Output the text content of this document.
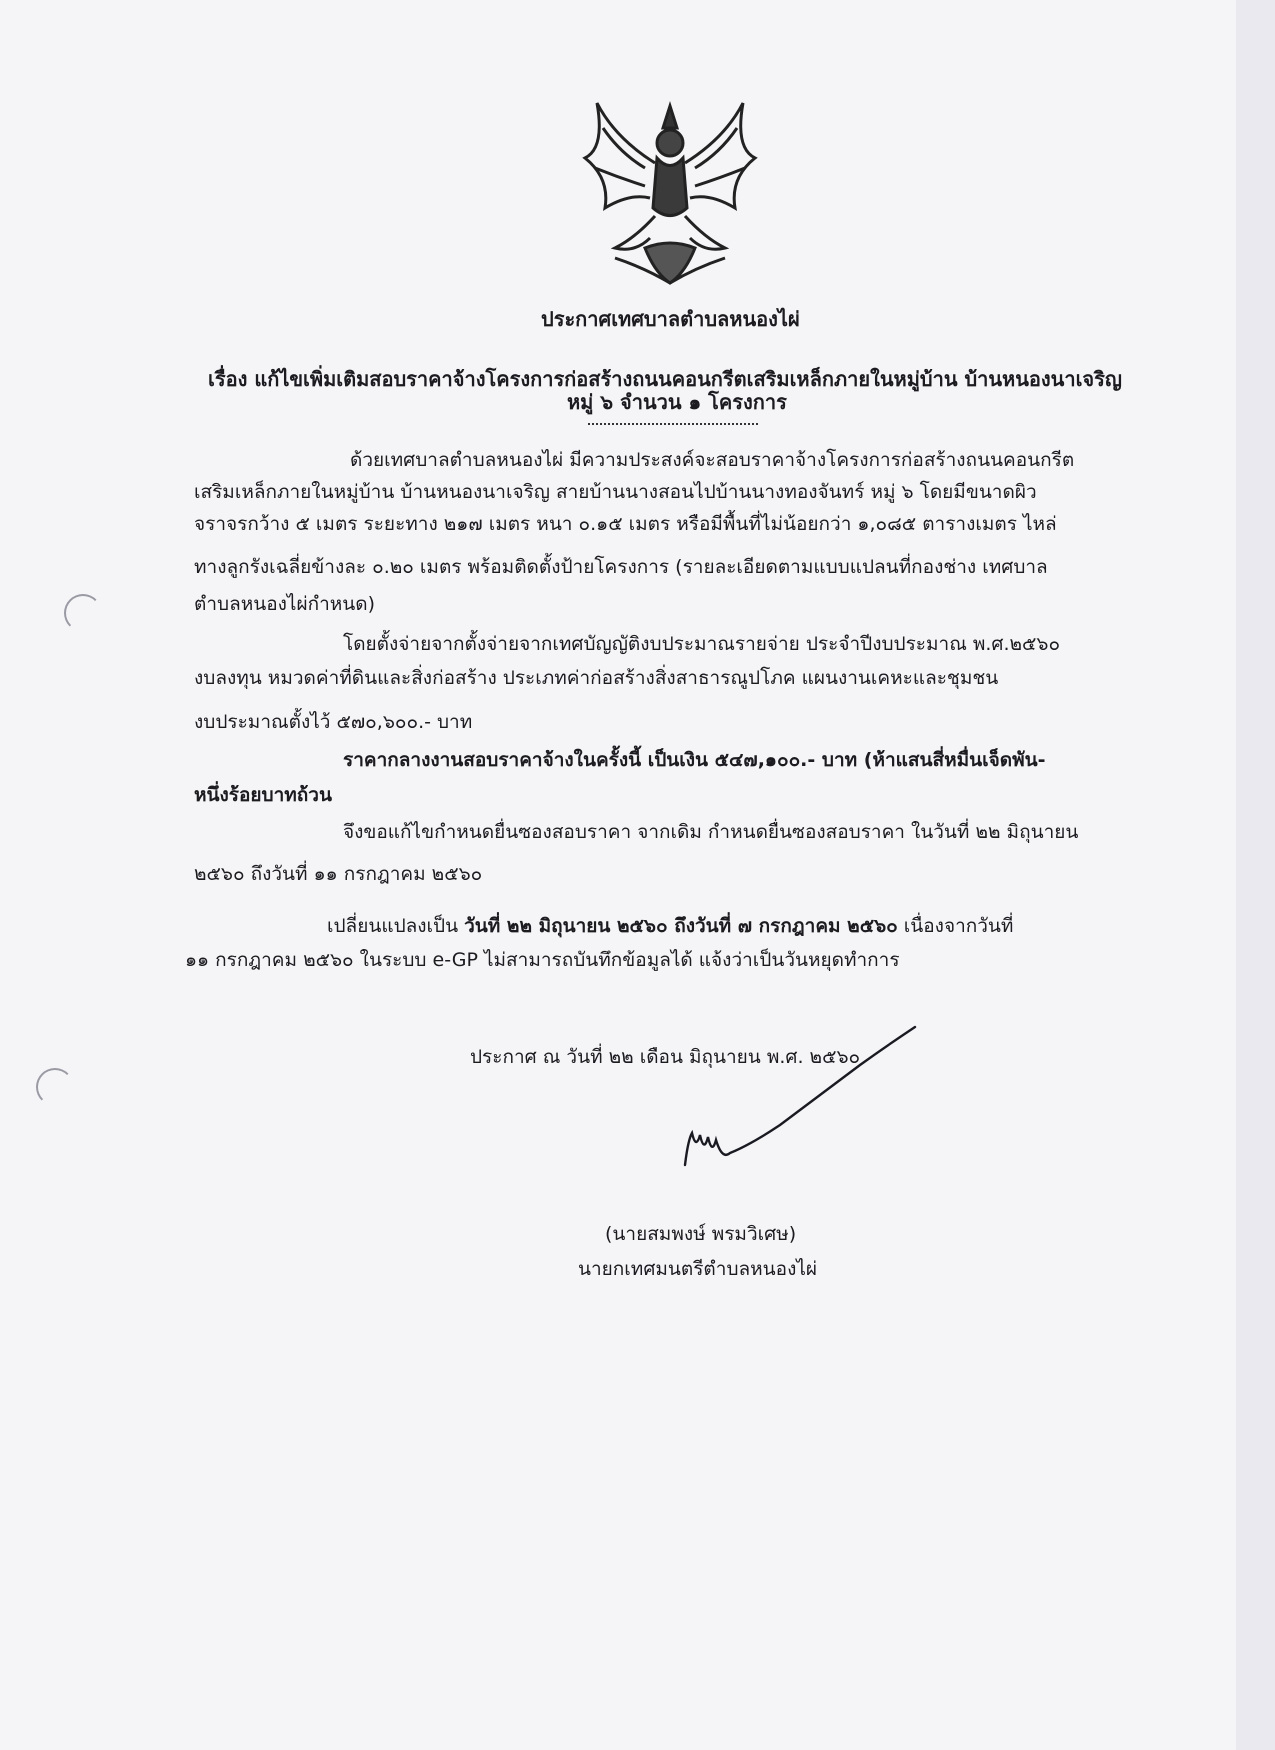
ประกาศเทศบาลตำบลหนองไผ่
เรื่อง แก้ไขเพิ่มเติมสอบราคาจ้างโครงการก่อสร้างถนนคอนกรีตเสริมเหล็กภายในหมู่บ้าน บ้านหนองนาเจริญ
หมู่ ๖ จำนวน ๑ โครงการ
ด้วยเทศบาลตำบลหนองไผ่ มีความประสงค์จะสอบราคาจ้างโครงการก่อสร้างถนนคอนกรีต
เสริมเหล็กภายในหมู่บ้าน บ้านหนองนาเจริญ สายบ้านนางสอนไปบ้านนางทองจันทร์ หมู่ ๖ โดยมีขนาดผิว
จราจรกว้าง ๕ เมตร ระยะทาง ๒๑๗ เมตร หนา ๐.๑๕ เมตร หรือมีพื้นที่ไม่น้อยกว่า ๑,๐๘๕ ตารางเมตร ไหล่
ทางลูกรังเฉลี่ยข้างละ ๐.๒๐ เมตร พร้อมติดตั้งป้ายโครงการ (รายละเอียดตามแบบแปลนที่กองช่าง เทศบาล
ตำบลหนองไผ่กำหนด)
โดยตั้งจ่ายจากตั้งจ่ายจากเทศบัญญัติงบประมาณรายจ่าย ประจำปีงบประมาณ พ.ศ.๒๕๖๐
งบลงทุน หมวดค่าที่ดินและสิ่งก่อสร้าง ประเภทค่าก่อสร้างสิ่งสาธารณูปโภค แผนงานเคหะและชุมชน
งบประมาณตั้งไว้ ๕๗๐,๖๐๐.- บาท
ราคากลางงานสอบราคาจ้างในครั้งนี้ เป็นเงิน ๕๔๗,๑๐๐.- บาท (ห้าแสนสี่หมื่นเจ็ดพัน-
หนึ่งร้อยบาทถ้วน
จึงขอแก้ไขกำหนดยื่นซองสอบราคา จากเดิม กำหนดยื่นซองสอบราคา ในวันที่ ๒๒ มิถุนายน
๒๕๖๐ ถึงวันที่ ๑๑ กรกฎาคม ๒๕๖๐
เปลี่ยนแปลงเป็น วันที่ ๒๒ มิถุนายน ๒๕๖๐ ถึงวันที่ ๗ กรกฎาคม ๒๕๖๐ เนื่องจากวันที่
๑๑ กรกฎาคม ๒๕๖๐ ในระบบ e-GP ไม่สามารถบันทึกข้อมูลได้ แจ้งว่าเป็นวันหยุดทำการ
ประกาศ ณ วันที่ ๒๒ เดือน มิถุนายน พ.ศ. ๒๕๖๐
(นายสมพงษ์ พรมวิเศษ)
นายกเทศมนตรีตำบลหนองไผ่
